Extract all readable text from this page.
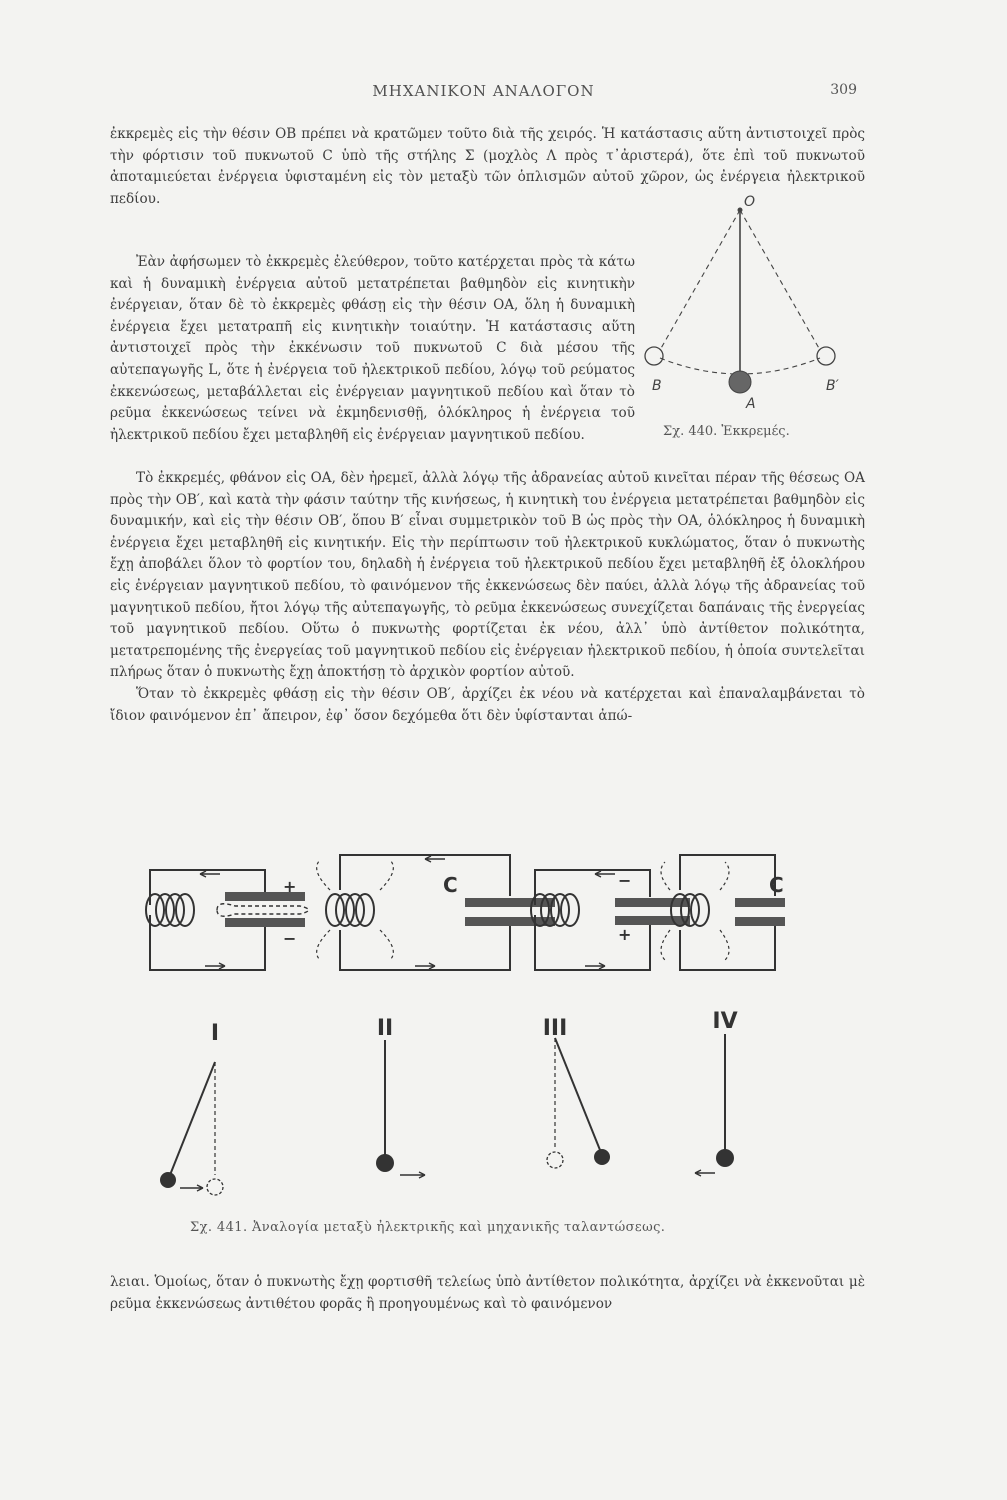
ΜΗΧΑΝΙΚΟΝ ΑΝΑΛΟΓΟΝ	309

ἐκκρεμὲς εἰς τὴν θέσιν ΟΒ πρέπει νὰ κρατῶμεν τοῦτο διὰ τῆς χειρός. Ἡ κατάστασις αὕτη ἀντιστοιχεῖ πρὸς τὴν φόρτισιν τοῦ πυκνωτοῦ C ὑπὸ τῆς στήλης Σ (μοχλὸς Λ πρὸς τ᾿ἀριστερά), ὅτε ἐπὶ τοῦ πυκνωτοῦ ἀποταμιεύεται ἐνέργεια ὑφισταμένη εἰς τὸν μεταξὺ τῶν ὁπλισμῶν αὐτοῦ χῶρον, ὡς ἐνέργεια ἠλεκτρικοῦ πεδίου.

Ἐὰν ἀφήσωμεν τὸ ἐκκρεμὲς ἐλεύθερον, τοῦτο κατέρχεται πρὸς τὰ κάτω καὶ ἡ δυναμικὴ ἐνέργεια αὐτοῦ μετατρέπεται βαθμηδὸν εἰς κινητικὴν ἐνέργειαν, ὅταν δὲ τὸ ἐκκρεμὲς φθάσῃ εἰς τὴν θέσιν ΟΑ, ὅλη ἡ δυναμικὴ ἐνέργεια ἔχει μετατραπῆ εἰς κινητικὴν τοιαύτην. Ἡ κατάστασις αὕτη ἀντιστοιχεῖ πρὸς τὴν ἐκκένωσιν τοῦ πυκνωτοῦ C διὰ μέσου τῆς αὐτεπαγωγῆς L, ὅτε ἡ ἐνέργεια τοῦ ἠλεκτρικοῦ πεδίου, λόγῳ τοῦ ρεύματος ἐκκενώσεως, μεταβάλλεται εἰς ἐνέργειαν μαγνητικοῦ πεδίου καὶ ὅταν τὸ ρεῦμα ἐκκενώσεως τείνει νὰ ἐκμηδενισθῇ, ὁλόκληρος ἡ ἐνέργεια τοῦ ἠλεκτρικοῦ πεδίου ἔχει μεταβληθῆ εἰς ἐνέργειαν μαγνητικοῦ πεδίου.

Τὸ ἐκκρεμές, φθάνον εἰς ΟΑ, δὲν ἠρεμεῖ, ἀλλὰ λόγῳ τῆς ἀδρανείας αὐτοῦ κινεῖται πέραν τῆς θέσεως ΟΑ πρὸς τὴν ΟΒ′, καὶ κατὰ τὴν φάσιν ταύτην τῆς κινήσεως, ἡ κινητικὴ του ἐνέργεια μετατρέπεται βαθμηδὸν εἰς δυναμικήν, καὶ εἰς τὴν θέσιν ΟΒ′, ὅπου Β′ εἶναι συμμετρικὸν τοῦ Β ὡς πρὸς τὴν ΟΑ, ὁλόκληρος ἡ δυναμικὴ ἐνέργεια ἔχει μεταβληθῆ εἰς κινητικήν. Εἰς τὴν περίπτωσιν τοῦ ἠλεκτρικοῦ κυκλώματος, ὅταν ὁ πυκνωτὴς ἔχῃ ἀποβάλει ὅλον τὸ φορτίον του, δηλαδὴ ἡ ἐνέργεια τοῦ ἠλεκτρικοῦ πεδίου ἔχει μεταβληθῆ ἐξ ὁλοκλήρου εἰς ἐνέργειαν μαγνητικοῦ πεδίου, τὸ φαινόμενον τῆς ἐκκενώσεως δὲν παύει, ἀλλὰ λόγῳ τῆς ἀδρανείας τοῦ μαγνητικοῦ πεδίου, ἤτοι λόγῳ τῆς αὐτεπαγωγῆς, τὸ ρεῦμα ἐκκενώσεως συνεχίζεται δαπάναις τῆς ἐνεργείας τοῦ μαγνητικοῦ πεδίου. Οὕτω ὁ πυκνωτὴς φορτίζεται ἐκ νέου, ἀλλ᾿ ὑπὸ ἀντίθετον πολικότητα, μετατρεπομένης τῆς ἐνεργείας τοῦ μαγνητικοῦ πεδίου εἰς ἐνέργειαν ἠλεκτρικοῦ πεδίου, ἡ ὁποία συντελεῖται πλήρως ὅταν ὁ πυκνωτὴς ἔχῃ ἀποκτήσῃ τὸ ἀρχικὸν φορτίον αὐτοῦ.

Ὅταν τὸ ἐκκρεμὲς φθάσῃ εἰς τὴν θέσιν ΟΒ′, ἀρχίζει ἐκ νέου νὰ κατέρχεται καὶ ἐπαναλαμβάνεται τὸ ἴδιον φαινόμενον ἐπ᾿ ἄπειρον, ἐφ᾿ ὅσον δεχόμεθα ὅτι δὲν ὑφίστανται ἀπώ-

O
A
B	B′
Σχ. 440. Ἐκκρεμές.
+
−
C	−
+
C
I	II	III	IV
Σχ. 441. Ἀναλογία μεταξὺ ἠλεκτρικῆς καὶ μηχανικῆς ταλαντώσεως.

λειαι. Ὁμοίως, ὅταν ὁ πυκνωτὴς ἔχῃ φορτισθῆ τελείως ὑπὸ ἀντίθετον πολικότητα, ἀρχίζει νὰ ἐκκενοῦται μὲ ρεῦμα ἐκκενώσεως ἀντιθέτου φορᾶς ἢ προηγουμένως καὶ τὸ φαινόμενον
